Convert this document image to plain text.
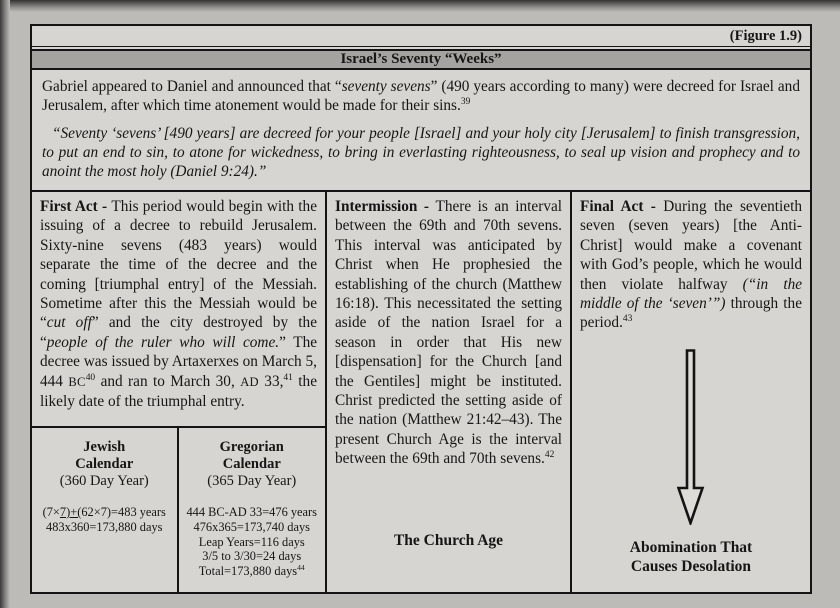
(Figure 1.9)
Israel’s Seventy “Weeks”

Gabriel appeared to Daniel and announced that “seventy sevens” (490 years according to many) were decreed for Israel and Jerusalem, after which time atonement would be made for their sins.$^{39}$

“Seventy ‘sevens’ [490 years] are decreed for your people [Israel] and your holy city [Jerusalem] to finish transgression, to put an end to sin, to atone for wickedness, to bring in everlasting righteousness, to seal up vision and prophecy and to anoint the most holy (Daniel 9:24).”

First Act - This period would begin with the issuing of a decree to rebuild Jerusalem. Sixty-nine sevens (483 years) would separate the time of the decree and the coming [triumphal entry] of the Messiah. Sometime after this the Messiah would be “cut off” and the city destroyed by the “people of the ruler who will come.” The decree was issued by Artaxerxes on March 5, 444 BC$^{40}$ and ran to March 30, AD 33,41 the likely date of the triumphal entry.
Jewish
Calendar
(360 Day Year)
(7×7)+(62×7)=483 years
483x360=173,880 days
Gregorian
Calendar
(365 Day Year)
444 BC-AD 33=476 years
476x365=173,740 days
Leap Years=116 days
3/5 to 3/30=24 days
Total=173,880 days$^{44}$
Intermission - There is an interval between the 69th and 70th sevens. This interval was anticipated by Christ when He prophesied the establishing of the church (Matthew 16:18). This necessitated the setting aside of the nation Israel for a season in order that His new [dispensation] for the Church [and the Gentiles] might be instituted. Christ predicted the setting aside of the nation (Matthew 21:42–43). The present Church Age is the interval between the 69th and 70th sevens.$^{42}$
The Church Age
Final Act - During the seventieth seven (seven years) [the Anti-Christ] would make a covenant with God’s people, which he would then violate halfway (“in the middle of the ‘seven’”) through the period.$^{43}$
Abomination That
Causes Desolation
